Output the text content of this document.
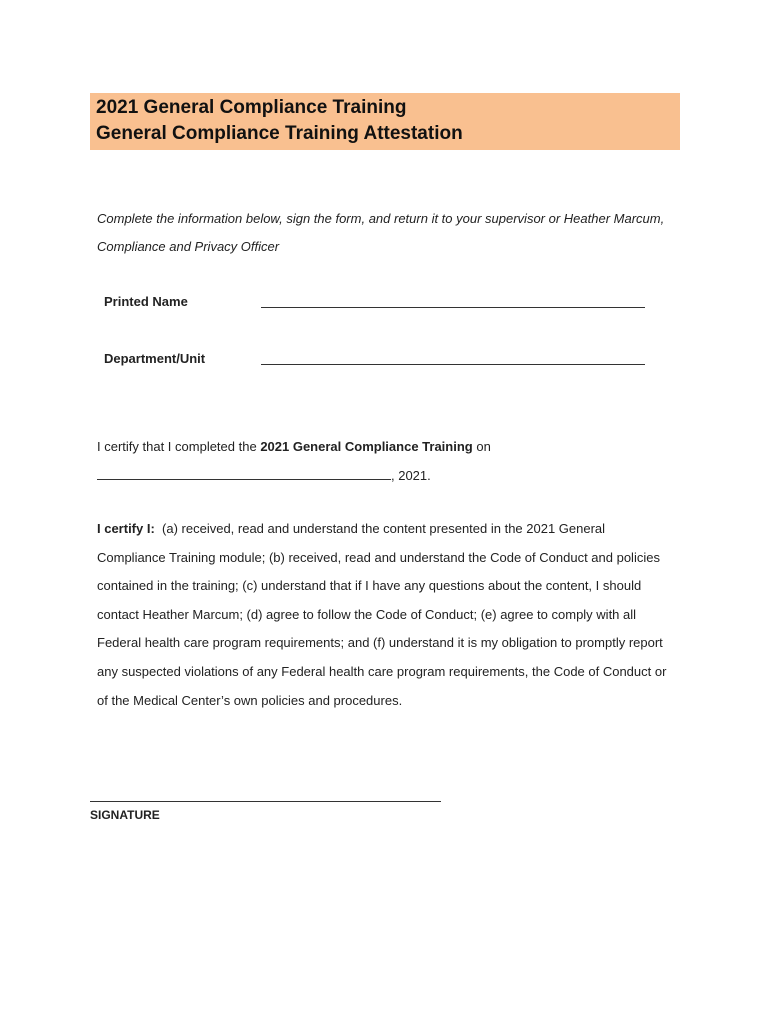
2021 General Compliance Training
General Compliance Training Attestation
Complete the information below, sign the form, and return it to your supervisor or Heather Marcum, Compliance and Privacy Officer
Printed Name
Department/Unit
I certify that I completed the 2021 General Compliance Training on
, 2021.
I certify I: (a) received, read and understand the content presented in the 2021 General Compliance Training module; (b) received, read and understand the Code of Conduct and policies contained in the training; (c) understand that if I have any questions about the content, I should contact Heather Marcum; (d) agree to follow the Code of Conduct; (e) agree to comply with all Federal health care program requirements; and (f) understand it is my obligation to promptly report any suspected violations of any Federal health care program requirements, the Code of Conduct or of the Medical Center’s own policies and procedures.
SIGNATURE
